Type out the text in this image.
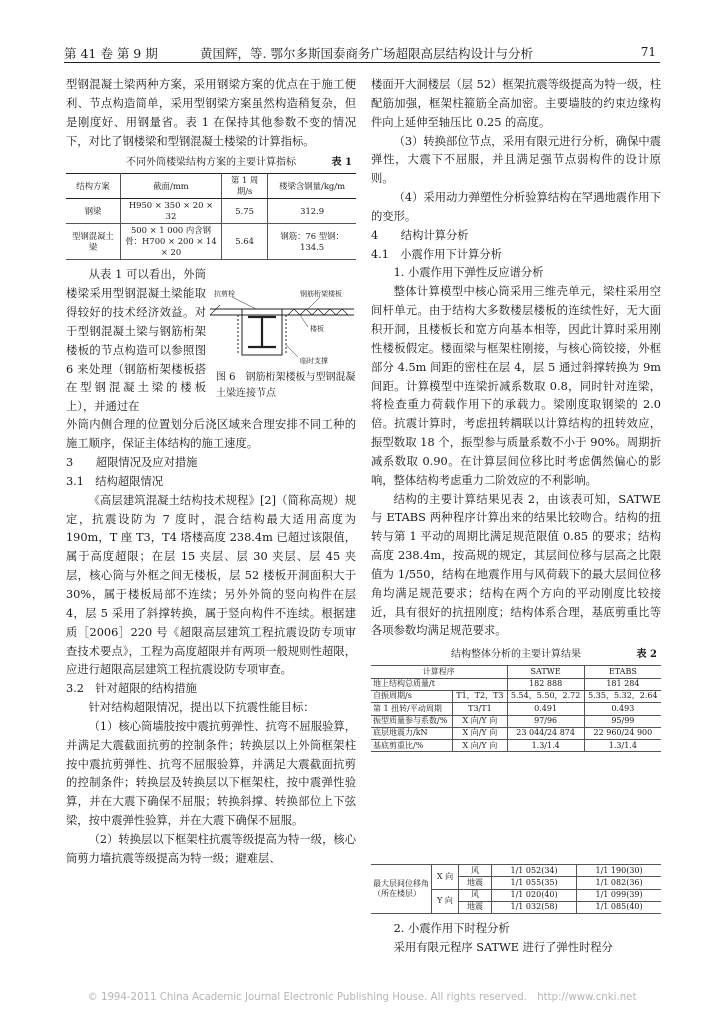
第 41 卷 第 9 期	黄国辉，等. 鄂尔多斯国泰商务广场超限高层结构设计与分析	71

型钢混凝土梁两种方案，采用钢梁方案的优点在于施工便利、节点构造简单，采用型钢梁方案虽然构造稍复杂，但是刚度好、用钢量省。表 1 在保持其他参数不变的情况下，对比了钢楼梁和型钢混凝土楼梁的计算指标。

不同外筒楼梁结构方案的主要计算指标	表 1
结构方案	截面/mm	第 1 周期/s	楼梁含钢量/kg/m
钢梁	H950 × 350 × 20 × 32	5.75	312.9
型钢混凝土梁	500 × 1 000 内含钢骨：H700 × 200 × 14 × 20	5.64	钢筋：76 型钢：134.5

从表 1 可以看出，外筒楼梁采用型钢混凝土梁能取得较好的技术经济效益。对于型钢混凝土梁与钢筋桁架楼板的节点构造可以参照图 6 来处理（钢筋桁架楼板搭在型钢混凝土梁的楼板上），并通过在

抗剪栓	钢筋桁架楼板
楼板
临时支撑
图 6　钢筋桁架楼板与型钢混凝土梁连接节点

外筒内侧合理的位置划分后浇区域来合理安排不同工种的施工顺序，保证主体结构的施工速度。

3　　超限情况及应对措施

3.1　结构超限情况

《高层建筑混凝土结构技术规程》[2]（简称高规）规定，抗震设防为 7 度时，混合结构最大适用高度为 190m，T 座 T3，T4 塔楼高度 238.4m 已超过该限值，属于高度超限；在层 15 夹层、层 30 夹层、层 45 夹层，核心筒与外框之间无楼板，层 52 楼板开洞面积大于 30%，属于楼板局部不连续；另外外筒的竖向构件在层 4，层 5 采用了斜撑转换，属于竖向构件不连续。根据建质［2006］220 号《超限高层建筑工程抗震设防专项审查技术要点》，工程为高度超限并有两项一般规则性超限，应进行超限高层建筑工程抗震设防专项审查。

3.2　针对超限的结构措施

针对结构超限情况，提出以下抗震性能目标：

（1）核心筒墙肢按中震抗剪弹性、抗弯不屈服验算，并满足大震截面抗剪的控制条件；转换层以上外筒框架柱按中震抗剪弹性、抗弯不屈服验算，并满足大震截面抗剪的控制条件；转换层及转换层以下框架柱，按中震弹性验算，并在大震下确保不屈服；转换斜撑、转换部位上下弦梁，按中震弹性验算，并在大震下确保不屈服。

（2）转换层以下框架柱抗震等级提高为特一级，核心筒剪力墙抗震等级提高为特一级；避难层、

楼面开大洞楼层（层 52）框架抗震等级提高为特一级，柱配筋加强，框架柱箍筋全高加密。主要墙肢的约束边缘构件向上延伸至轴压比 0.25 的高度。

（3）转换部位节点，采用有限元进行分析，确保中震弹性，大震下不屈服，并且满足强节点弱构件的设计原则。

（4）采用动力弹塑性分析验算结构在罕遇地震作用下的变形。

4　　结构计算分析

4.1　小震作用下计算分析

1. 小震作用下弹性反应谱分析

整体计算模型中核心筒采用三维壳单元，梁柱采用空间杆单元。由于结构大多数楼层楼板的连续性好，无大面积开洞，且楼板长和宽方向基本相等，因此计算时采用刚性楼板假定。楼面梁与框架柱刚接，与核心筒铰接，外框部分 4.5m 间距的密柱在层 4，层 5 通过斜撑转换为 9m 间距。计算模型中连梁折减系数取 0.8，同时针对连梁，将检查重力荷载作用下的承载力。梁刚度取钢梁的 2.0 倍。抗震计算时，考虑扭转耦联以计算结构的扭转效应，振型数取 18 个，振型参与质量系数不小于 90%。周期折减系数取 0.90。在计算层间位移比时考虑偶然偏心的影响，整体结构考虑重力二阶效应的不利影响。

结构的主要计算结果见表 2，由该表可知，SATWE 与 ETABS 两种程序计算出来的结果比较吻合。结构的扭转与第 1 平动的周期比满足规范限值 0.85 的要求；结构高度 238.4m，按高规的规定，其层间位移与层高之比限值为 1/550，结构在地震作用与风荷载下的最大层间位移角均满足规范要求；结构在两个方向的平动刚度比较接近，具有很好的抗扭刚度；结构体系合理，基底剪重比等各项参数均满足规范要求。

结构整体分析的主要计算结果	表 2
计算程序		SATWE	ETABS
地上结构总质量/t		182 888	181 284
自振周期/s	T1，T2，T3	5.54，5.50，2.72	5.35，5.32，2.64
第 1 扭转/平动周期	T3/T1	0.491	0.493
振型质量参与系数/%	X 向/Y 向	97/96	95/99
底层地震力/kN	X 向/Y 向	23 044/24 874	22 960/24 900
基底剪重比/%	X 向/Y 向	1.3/1.4	1.3/1.4
最大层间位移角（所在楼层）	X 向	风	1/1 052(34)	1/1 190(30)
		地震	1/1 055(35)	1/1 082(36)
	Y 向	风	1/1 020(40)	1/1 099(39)
		地震	1/1 032(58)	1/1 085(40)

2. 小震作用下时程分析

采用有限元程序 SATWE 进行了弹性时程分

© 1994-2011 China Academic Journal Electronic Publishing House. All rights reserved.　http://www.cnki.net
